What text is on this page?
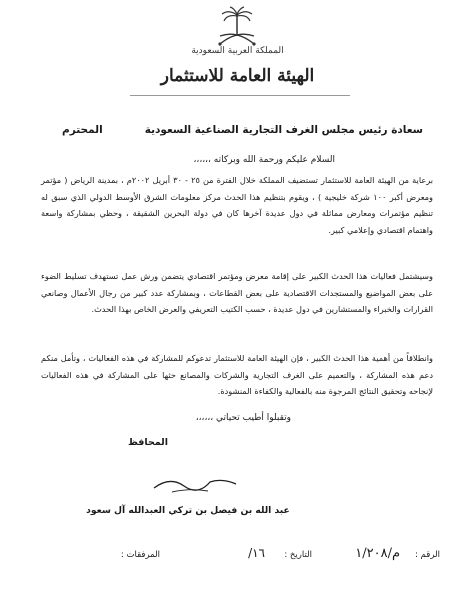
المملكة العربية السعودية
الهيئة العامة للاستثمار
سعادة رئيس مجلس الغرف التجارية الصناعية السعودية
المحترم
السلام عليكم ورحمة الله وبركاته ،،،،،،
برعاية من الهيئة العامة للاستثمار تستضيف المملكة خلال الفترة من ٢٥ - ٣٠ أبريل ٢٠٠٢م ، بمدينة الرياض ( مؤتمر ومعرض أكبر ١٠٠ شركة خليجية ) ، ويقوم بتنظيم هذا الحدث مركز معلومات الشرق الأوسط الدولي الذي سبق له تنظيم مؤتمرات ومعارض مماثلة في دول عديدة آخرها كان في دولة البحرين الشقيقة ، وحظي بمشاركة واسعة واهتمام اقتصادي وإعلامي كبير.
وسيشتمل فعاليات هذا الحدث الكبير على إقامة معرض ومؤتمر اقتصادي يتضمن ورش عمل تستهدف تسليط الضوء على بعض المواضيع والمستجدات الاقتصادية على بعض القطاعات ، وبمشاركة عدد كبير من رجال الأعمال وصانعي القرارات والخبراء والمستشارين في دول عديدة ، حسب الكتيب التعريفي والعرض الخاص بهذا الحدث.
وانطلاقاً من أهمية هذا الحدث الكبير ، فإن الهيئة العامة للاستثمار تدعوكم للمشاركة في هذه الفعاليات ، وتأمل منكم دعم هذه المشاركة ، والتعميم على الغرف التجارية والشركات والمصانع حثها على المشاركة في هذه الفعاليات لإنجاحه وتحقيق النتائج المرجوة منه بالفعالية والكفاءة المنشودة.
وتقبلوا أطيب تحياتي ،،،،،،
المحافظ
عبد الله بن فيصل بن تركي العبدالله آل سعود
الرقم :
م/١/٢٠٨
التاريخ :
١٦/
المرفقات :
